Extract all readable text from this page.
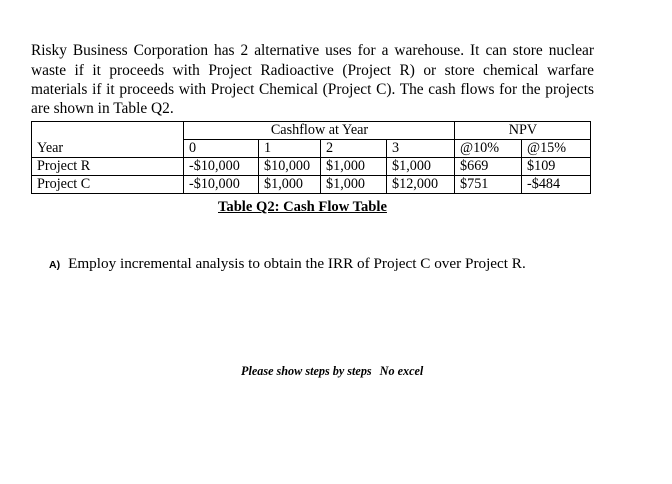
Risky Business Corporation has 2 alternative uses for a warehouse. It can store nuclear waste if it proceeds with Project Radioactive (Project R) or store chemical warfare materials if it proceeds with Project Chemical (Project C). The cash flows for the projects are shown in Table Q2.

	Cashflow at Year				NPV	
Year	0	1	2	3	@10%	@15%
Project R	-$10,000	$10,000	$1,000	$1,000	$669	$109
Project C	-$10,000	$1,000	$1,000	$12,000	$751	-$484
Table Q2: Cash Flow Table
A) Employ incremental analysis to obtain the IRR of Project C over Project R.
Please show steps by steps No excel
